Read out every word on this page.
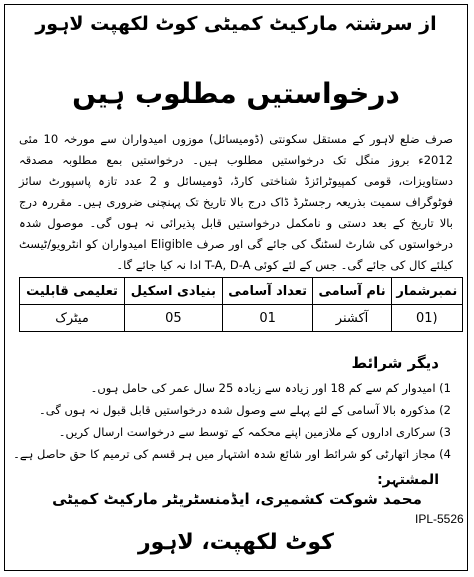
از سرشتہ مارکیٹ کمیٹی کوٹ لکھپت لاہور
درخواستیں مطلوب ہیں
صرف ضلع لاہور کے مستقل سکونتی (ڈومیسائل) موزوں امیدواران سے مورخہ 10 مئی 2012ء بروز منگل تک درخواستیں مطلوب ہیں۔ درخواستیں بمع مطلوبہ مصدقہ دستاویزات، قومی کمپیوٹرائزڈ شناختی کارڈ، ڈومیسائل و 2 عدد تازہ پاسپورٹ سائز فوٹوگراف سمیت بذریعہ رجسٹرڈ ڈاک درج بالا تاریخ تک پہنچنی ضروری ہیں۔ مقررہ درج بالا تاریخ کے بعد دستی و نامکمل درخواستیں قابل پذیرائی نہ ہوں گی۔ موصول شدہ درخواستوں کی شارٹ لسٹنگ کی جائے گی اور صرف Eligible امیدواران کو انٹرویو/ٹیسٹ کیلئے کال کی جائے گی۔ جس کے لئے کوئی T-A, D-A ادا نہ کیا جائے گا۔
نمبرشمار	نام آسامی	تعداد آسامی	بنیادی اسکیل	تعلیمی قابلیت
(01	آکشنر	01	05	میٹرک
دیگر شرائط
1) امیدوار کم سے کم 18 اور زیادہ سے زیادہ 25 سال عمر کی حامل ہوں۔
2) مذکورہ بالا آسامی کے لئے پہلے سے وصول شدہ درخواستیں قابل قبول نہ ہوں گی۔
3) سرکاری اداروں کے ملازمین اپنے محکمہ کے توسط سے درخواست ارسال کریں۔
4) مجاز اتھارٹی کو شرائط اور شائع شدہ اشتہار میں ہر قسم کی ترمیم کا حق حاصل ہے۔
المشتہر:
محمد شوکت کشمیری، ایڈمنسٹریٹر مارکیٹ کمیٹی
IPL-5526
کوٹ لکھپت، لاہور
